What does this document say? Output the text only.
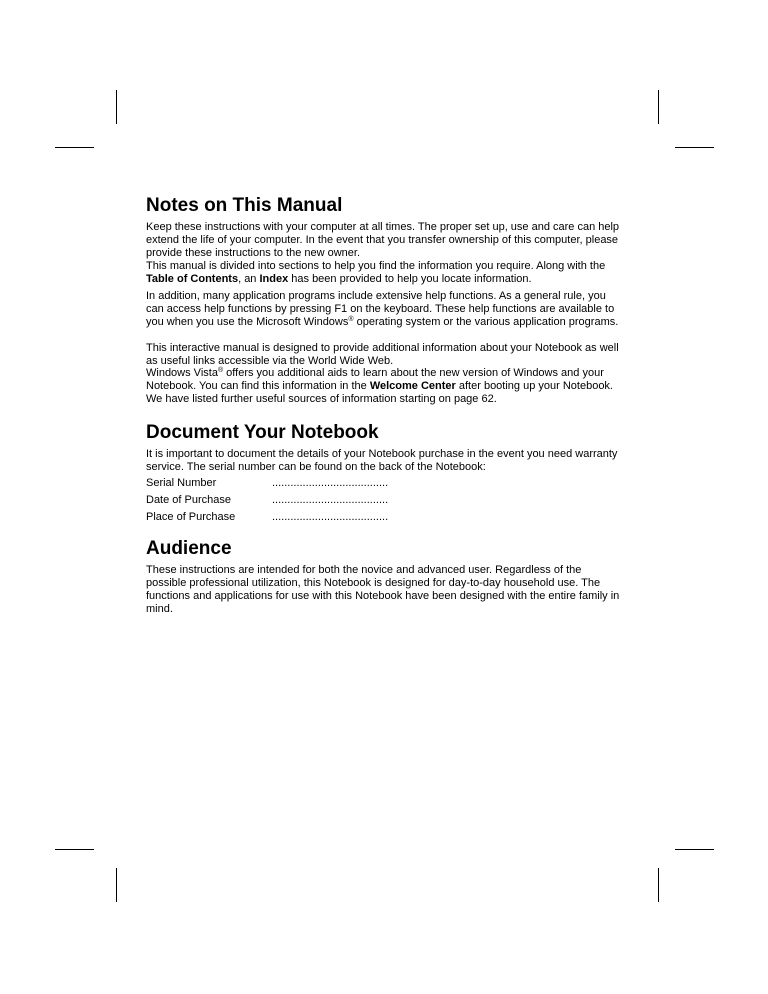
Notes on This Manual

Keep these instructions with your computer at all times. The proper set up, use and care can help extend the life of your computer. In the event that you transfer ownership of this computer, please provide these instructions to the new owner.

This manual is divided into sections to help you find the information you require. Along with the Table of Contents, an Index has been provided to help you locate information.

In addition, many application programs include extensive help functions. As a general rule, you can access help functions by pressing F1 on the keyboard. These help functions are available to you when you use the Microsoft Windows® operating system or the various application programs.

This interactive manual is designed to provide additional information about your Notebook as well as useful links accessible via the World Wide Web.

Windows Vista® offers you additional aids to learn about the new version of Windows and your Notebook. You can find this information in the Welcome Center after booting up your Notebook. We have listed further useful sources of information starting on page 62.

Document Your Notebook

It is important to document the details of your Notebook purchase in the event you need warranty service. The serial number can be found on the back of the Notebook:

Serial Number	......................................
Date of Purchase	......................................
Place of Purchase	......................................
Audience

These instructions are intended for both the novice and advanced user. Regardless of the possible professional utilization, this Notebook is designed for day-to-day household use. The functions and applications for use with this Notebook have been designed with the entire family in mind.
